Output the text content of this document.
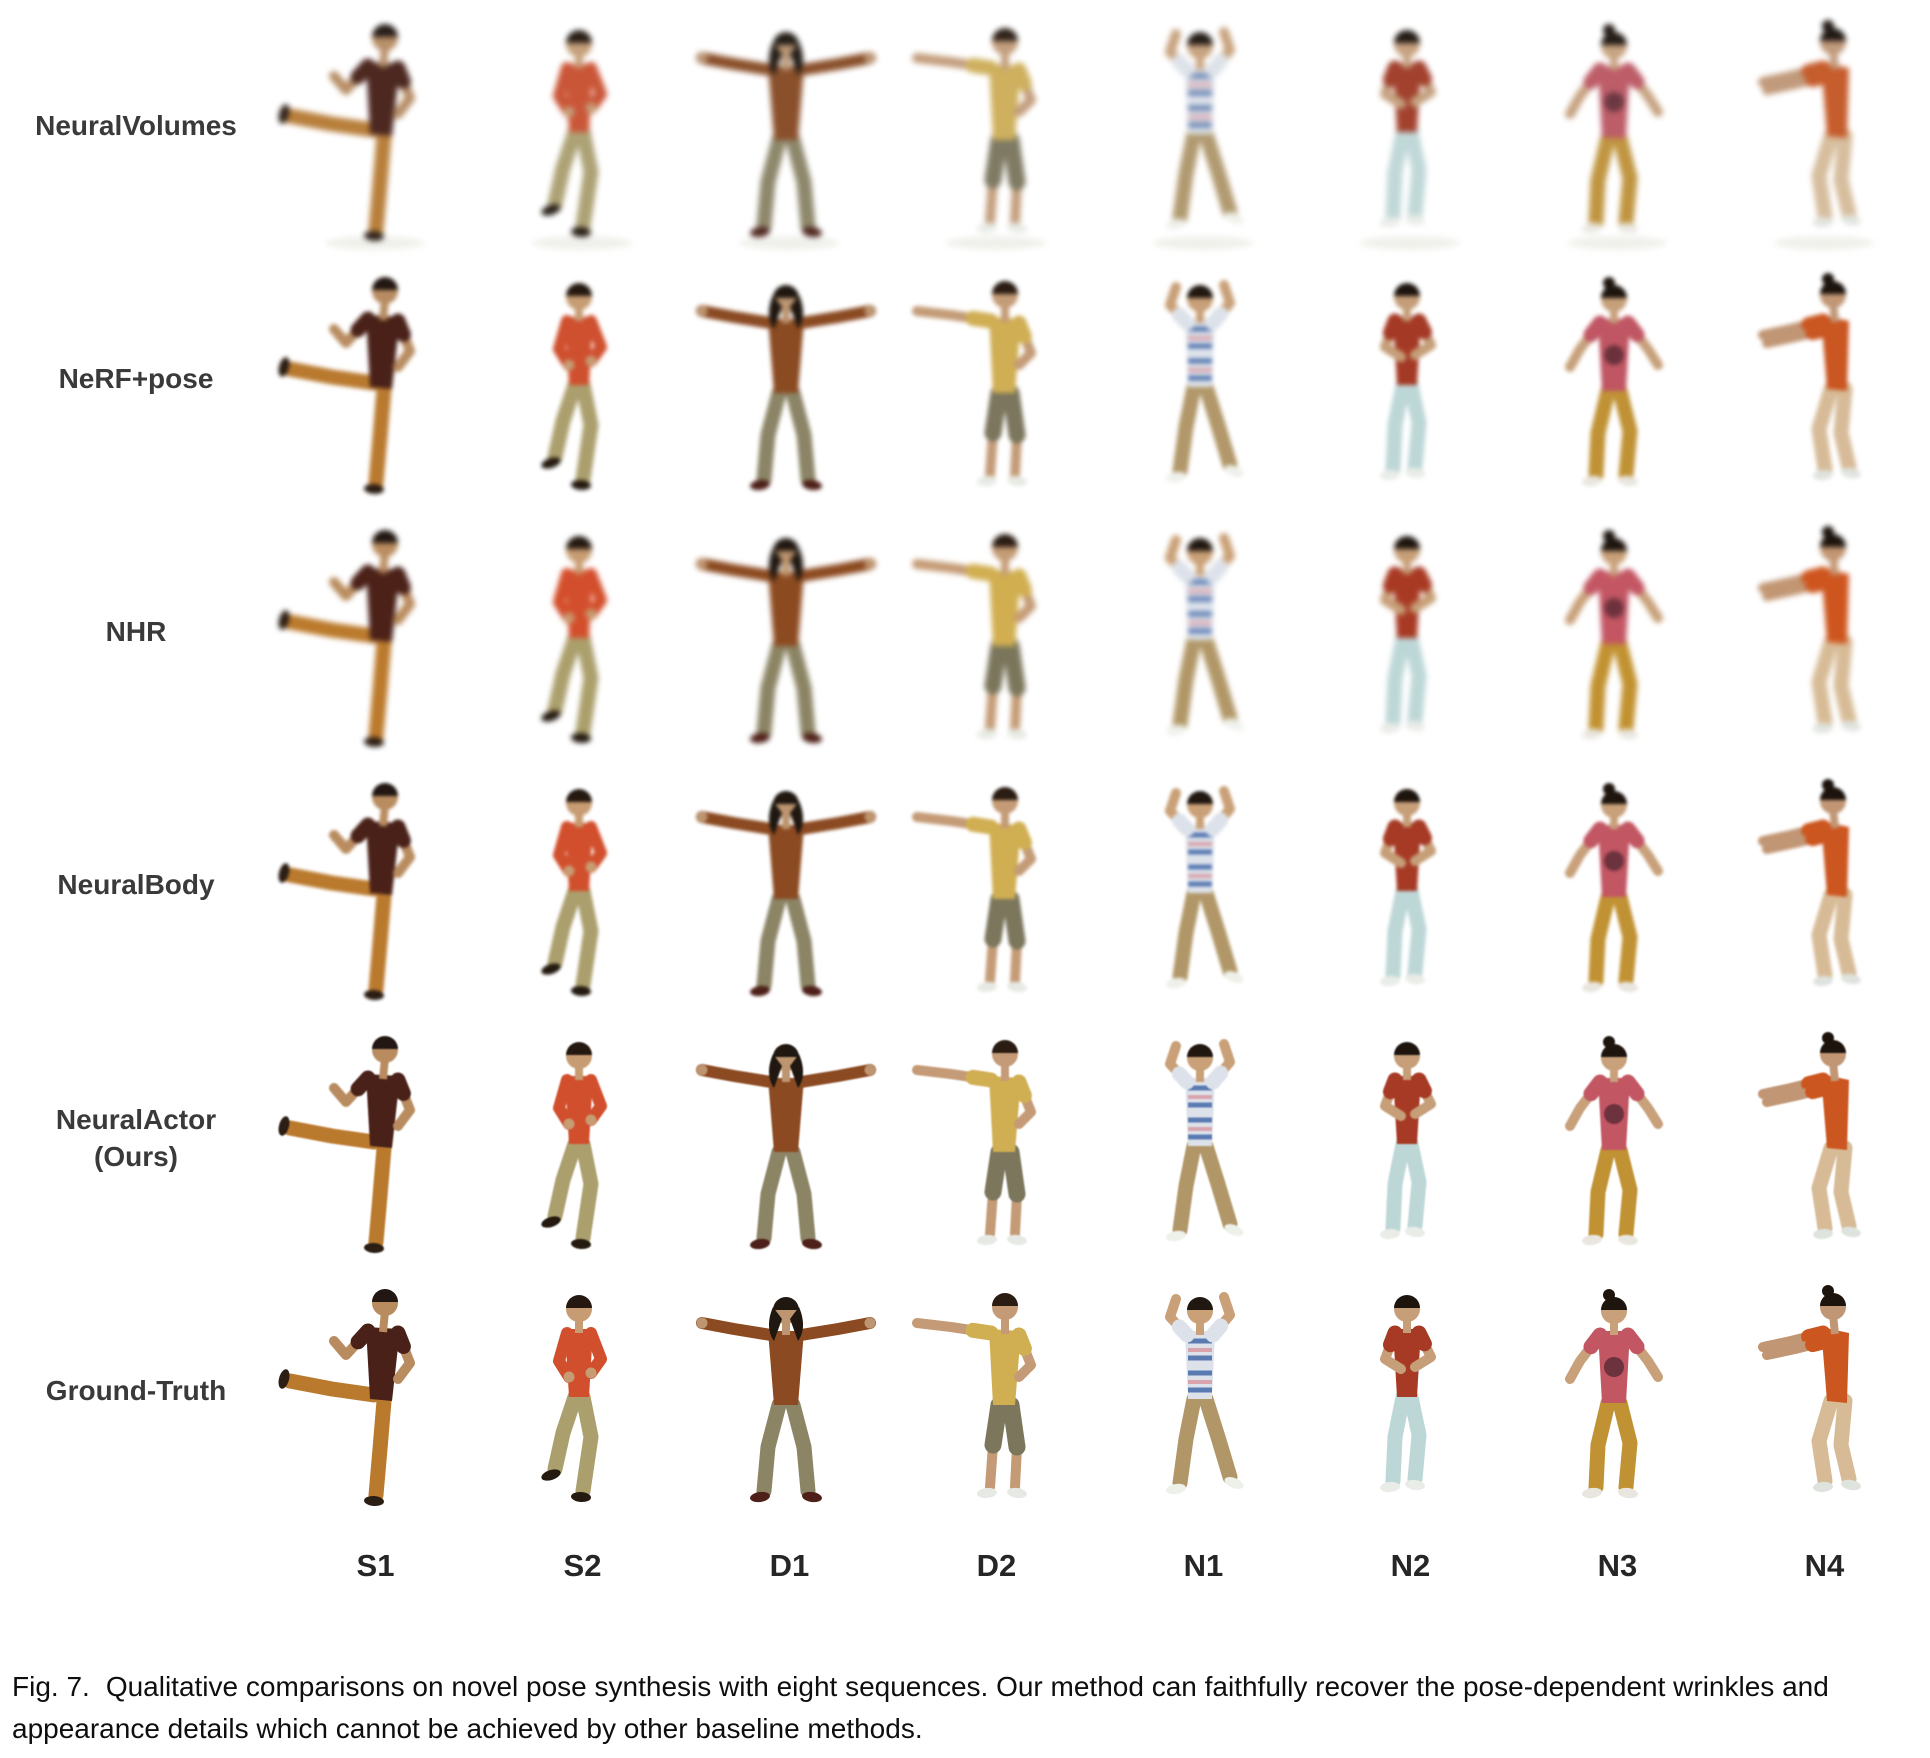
NeuralVolumes
NeRF+pose
NHR
NeuralBody
NeuralActor
(Ours)
Ground-Truth
S1	S2	D1	D2	N1	N2	N3	N4

Fig. 7. Qualitative comparisons on novel pose synthesis with eight sequences. Our method can faithfully recover the pose-dependent wrinkles and appearance details which cannot be achieved by other baseline methods.
